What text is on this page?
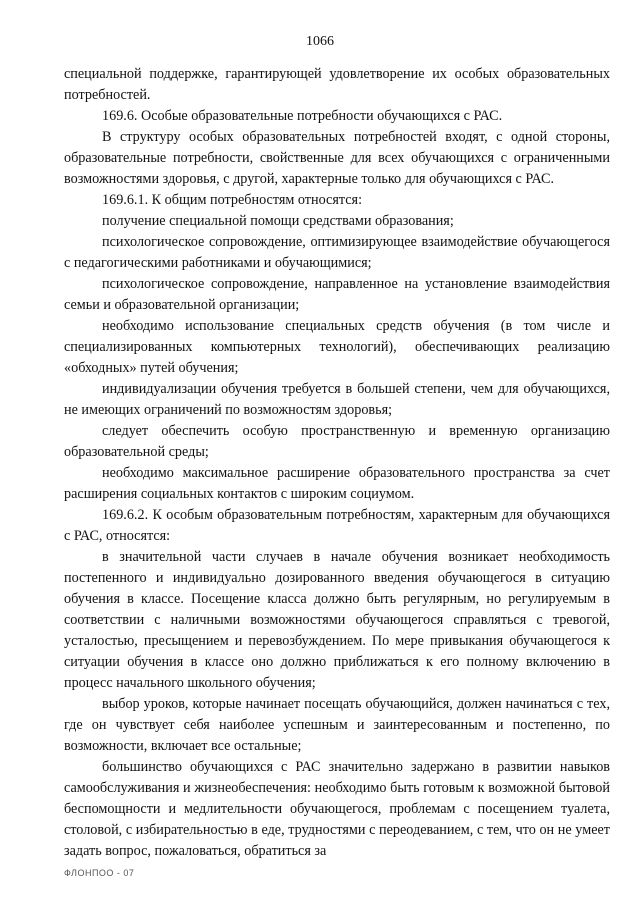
1066

специальной поддержке, гарантирующей удовлетворение их особых образовательных потребностей.

169.6. Особые образовательные потребности обучающихся с РАС.

В структуру особых образовательных потребностей входят, с одной стороны, образовательные потребности, свойственные для всех обучающихся с ограниченными возможностями здоровья, с другой, характерные только для обучающихся с РАС.

169.6.1. К общим потребностям относятся:

получение специальной помощи средствами образования;

психологическое сопровождение, оптимизирующее взаимодействие обучающегося с педагогическими работниками и обучающимися;

психологическое сопровождение, направленное на установление взаимодействия семьи и образовательной организации;

необходимо использование специальных средств обучения (в том числе и специализированных компьютерных технологий), обеспечивающих реализацию «обходных» путей обучения;

индивидуализации обучения требуется в большей степени, чем для обучающихся, не имеющих ограничений по возможностям здоровья;

следует обеспечить особую пространственную и временную организацию образовательной среды;

необходимо максимальное расширение образовательного пространства за счет расширения социальных контактов с широким социумом.

169.6.2. К особым образовательным потребностям, характерным для обучающихся с РАС, относятся:

в значительной части случаев в начале обучения возникает необходимость постепенного и индивидуально дозированного введения обучающегося в ситуацию обучения в классе. Посещение класса должно быть регулярным, но регулируемым в соответствии с наличными возможностями обучающегося справляться с тревогой, усталостью, пресыщением и перевозбуждением. По мере привыкания обучающегося к ситуации обучения в классе оно должно приближаться к его полному включению в процесс начального школьного обучения;

выбор уроков, которые начинает посещать обучающийся, должен начинаться с тех, где он чувствует себя наиболее успешным и заинтересованным и постепенно, по возможности, включает все остальные;

большинство обучающихся с РАС значительно задержано в развитии навыков самообслуживания и жизнеобеспечения: необходимо быть готовым к возможной бытовой беспомощности и медлительности обучающегося, проблемам с посещением туалета, столовой, с избирательностью в еде, трудностями с переодеванием, с тем, что он не умеет задать вопрос, пожаловаться, обратиться за

ФЛОНПОО - 07
